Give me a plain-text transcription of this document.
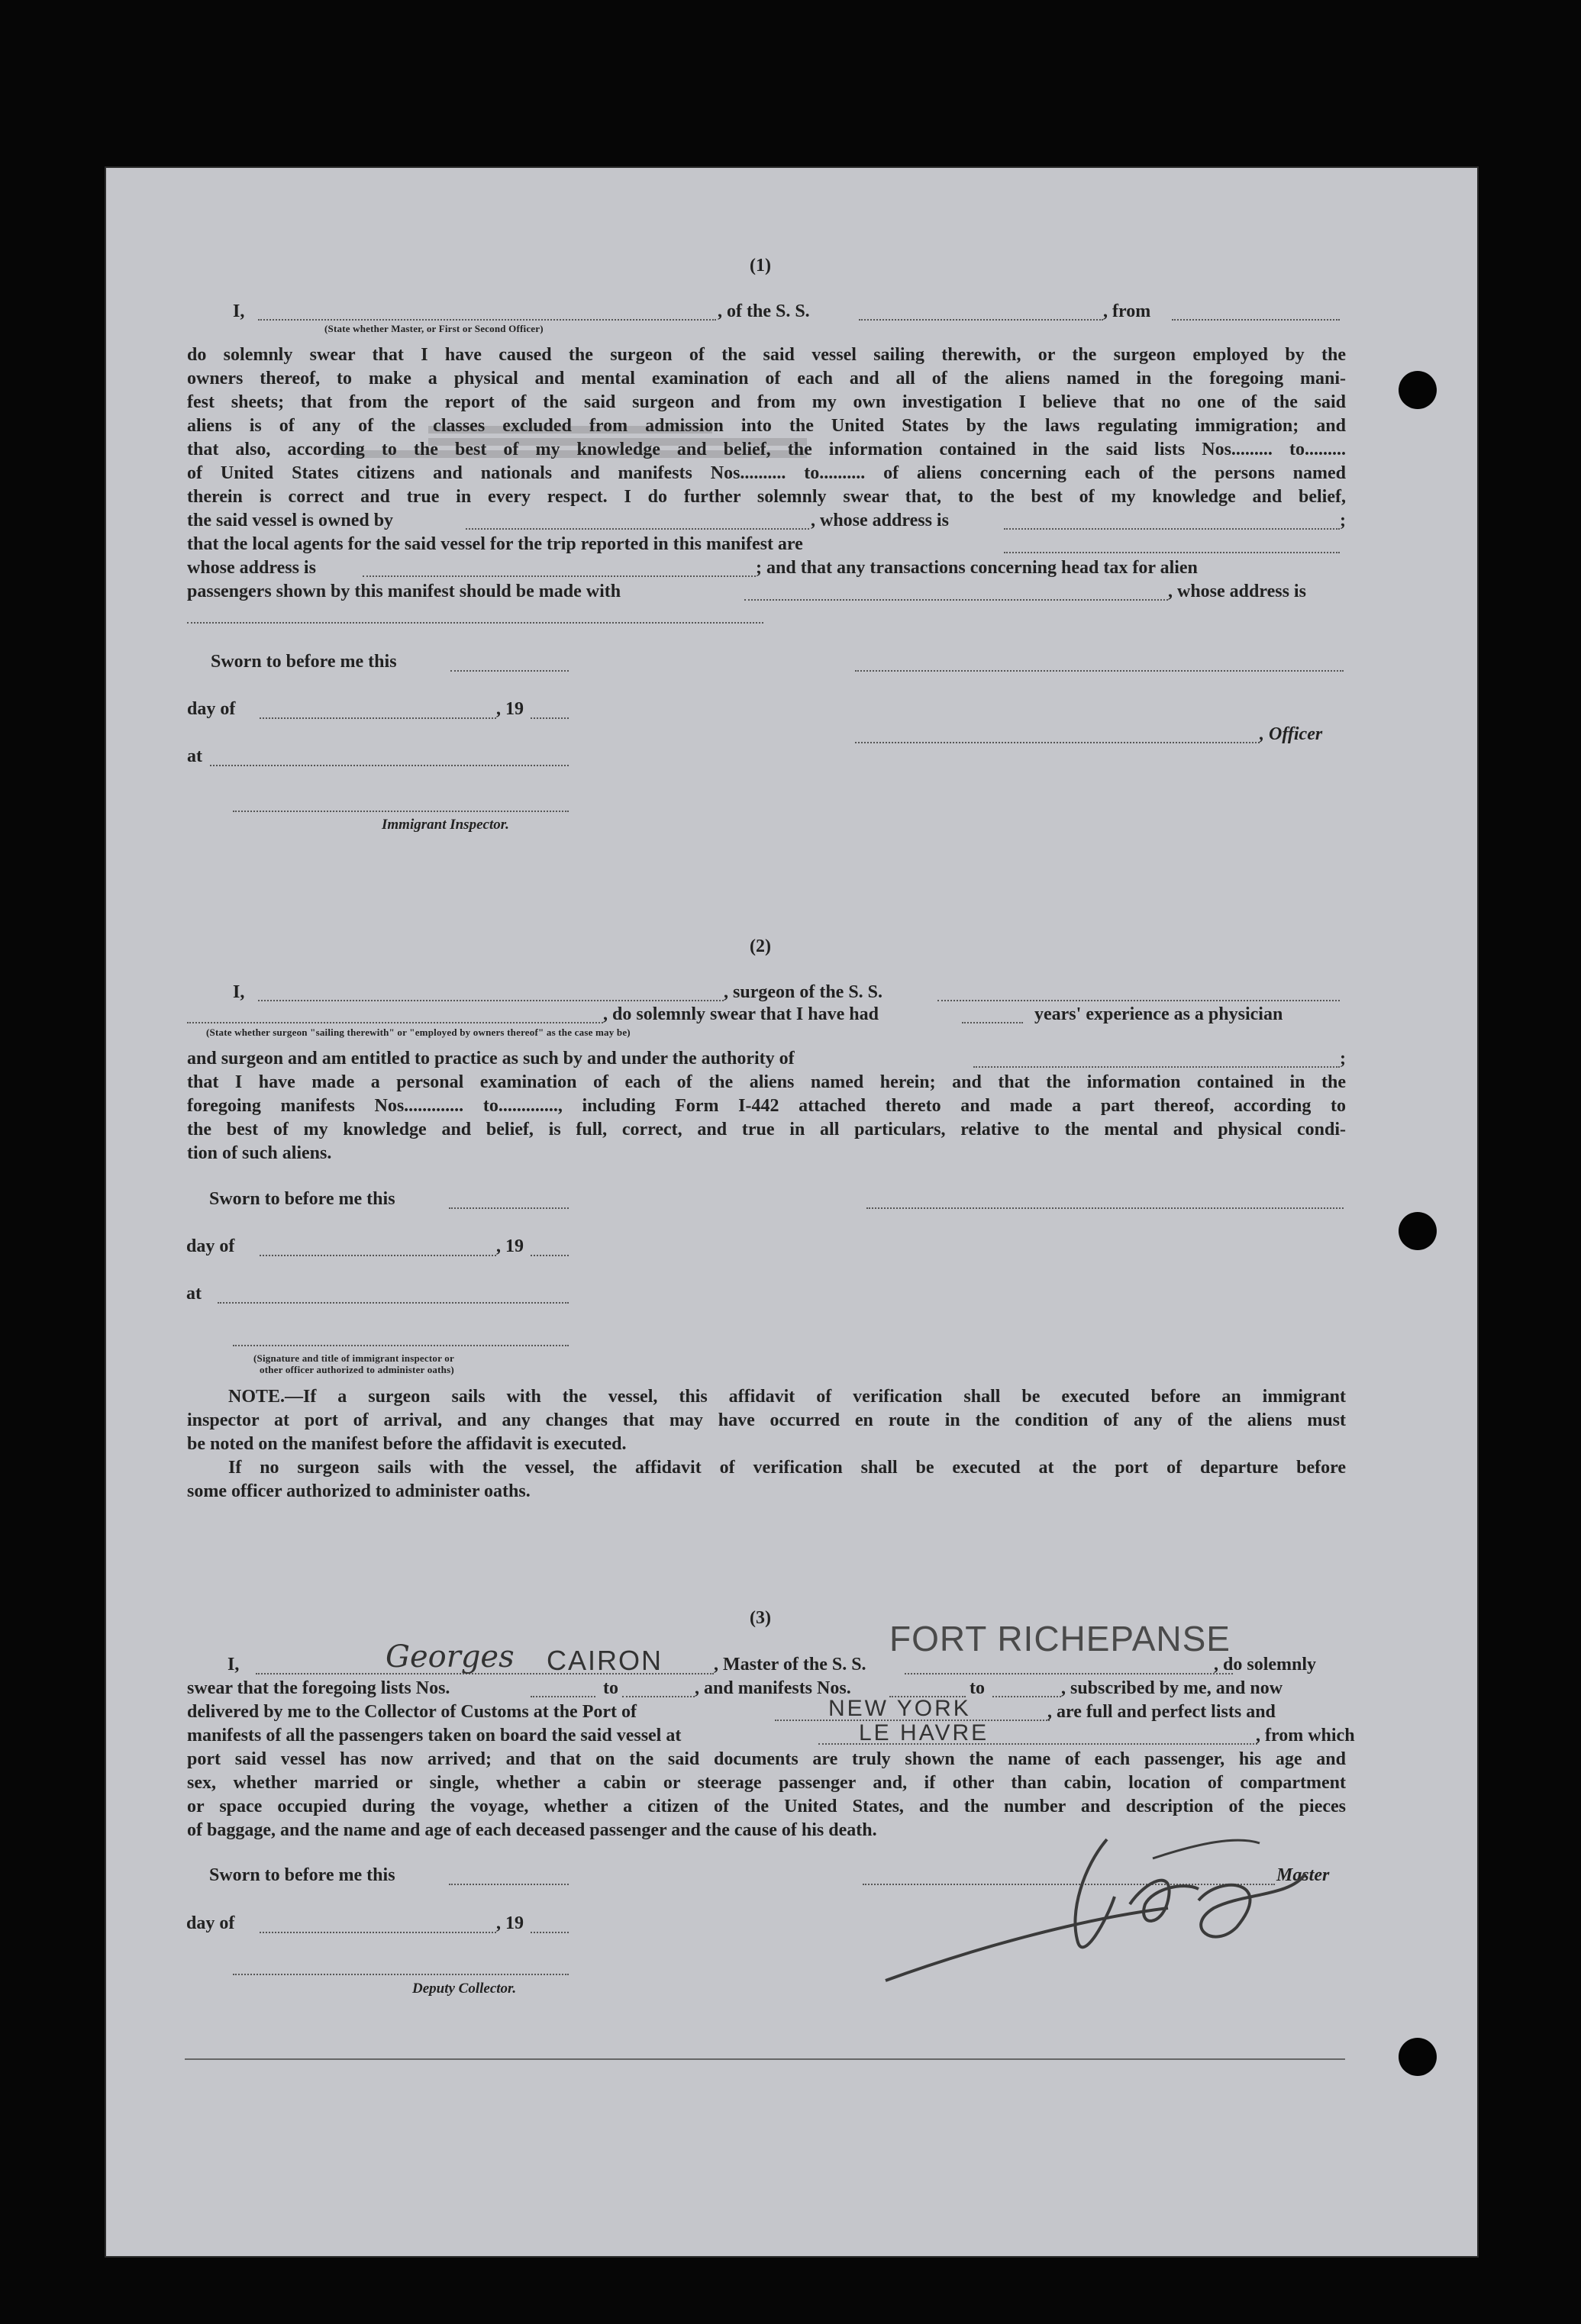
(1)
I,
(State whether Master, or First or Second Officer)
, of the S. S.	, from
do solemnly swear that I have caused the surgeon of the said vessel sailing therewith, or the surgeon employed by the
owners thereof, to make a physical and mental examination of each and all of the aliens named in the foregoing mani-
fest sheets; that from the report of the said surgeon and from my own investigation I believe that no one of the said
aliens is of any of the classes excluded from admission into the United States by the laws regulating immigration; and
that also, according to the best of my knowledge and belief, the information contained in the said lists Nos......... to.........
of United States citizens and nationals and manifests Nos.......... to.......... of aliens concerning each of the persons named
therein is correct and true in every respect. I do further solemnly swear that, to the best of my knowledge and belief,
the said vessel is owned by	, whose address is	;
that the local agents for the said vessel for the trip reported in this manifest are
whose address is	; and that any transactions concerning head tax for alien
passengers shown by this manifest should be made with	, whose address is
Sworn to before me this
day of	, 19
, Officer
at
Immigrant Inspector.
(2)
I,	, surgeon of the S. S.
(State whether surgeon "sailing therewith" or "employed by owners thereof" as the case may be)
, do solemnly swear that I have had	years' experience as a physician
and surgeon and am entitled to practice as such by and under the authority of	;
that I have made a personal examination of each of the aliens named herein; and that the information contained in the
foregoing manifests Nos............. to............., including Form I-442 attached thereto and made a part thereof, according to
the best of my knowledge and belief, is full, correct, and true in all particulars, relative to the mental and physical condi-
tion of such aliens.
Sworn to before me this
day of	, 19
at
(Signature and title of immigrant inspector or
other officer authorized to administer oaths)
NOTE.—If a surgeon sails with the vessel, this affidavit of verification shall be executed before an immigrant
inspector at port of arrival, and any changes that may have occurred en route in the condition of any of the aliens must
be noted on the manifest before the affidavit is executed.
If no surgeon sails with the vessel, the affidavit of verification shall be executed at the port of departure before
some officer authorized to administer oaths.
(3)
I,	Georges CAIRON	, Master of the S. S.
FORT RICHEPANSE
, do solemnly
swear that the foregoing lists Nos.	to	, and manifests Nos.	to	, subscribed by me, and now
delivered by me to the Collector of Customs at the Port of	NEW YORK	, are full and perfect lists and
manifests of all the passengers taken on board the said vessel at	LE HAVRE	, from which
port said vessel has now arrived; and that on the said documents are truly shown the name of each passenger, his age and
sex, whether married or single, whether a cabin or steerage passenger and, if other than cabin, location of compartment
or space occupied during the voyage, whether a citizen of the United States, and the number and description of the pieces
of baggage, and the name and age of each deceased passenger and the cause of his death.
Sworn to before me this	Master
day of	, 19
Deputy Collector.
